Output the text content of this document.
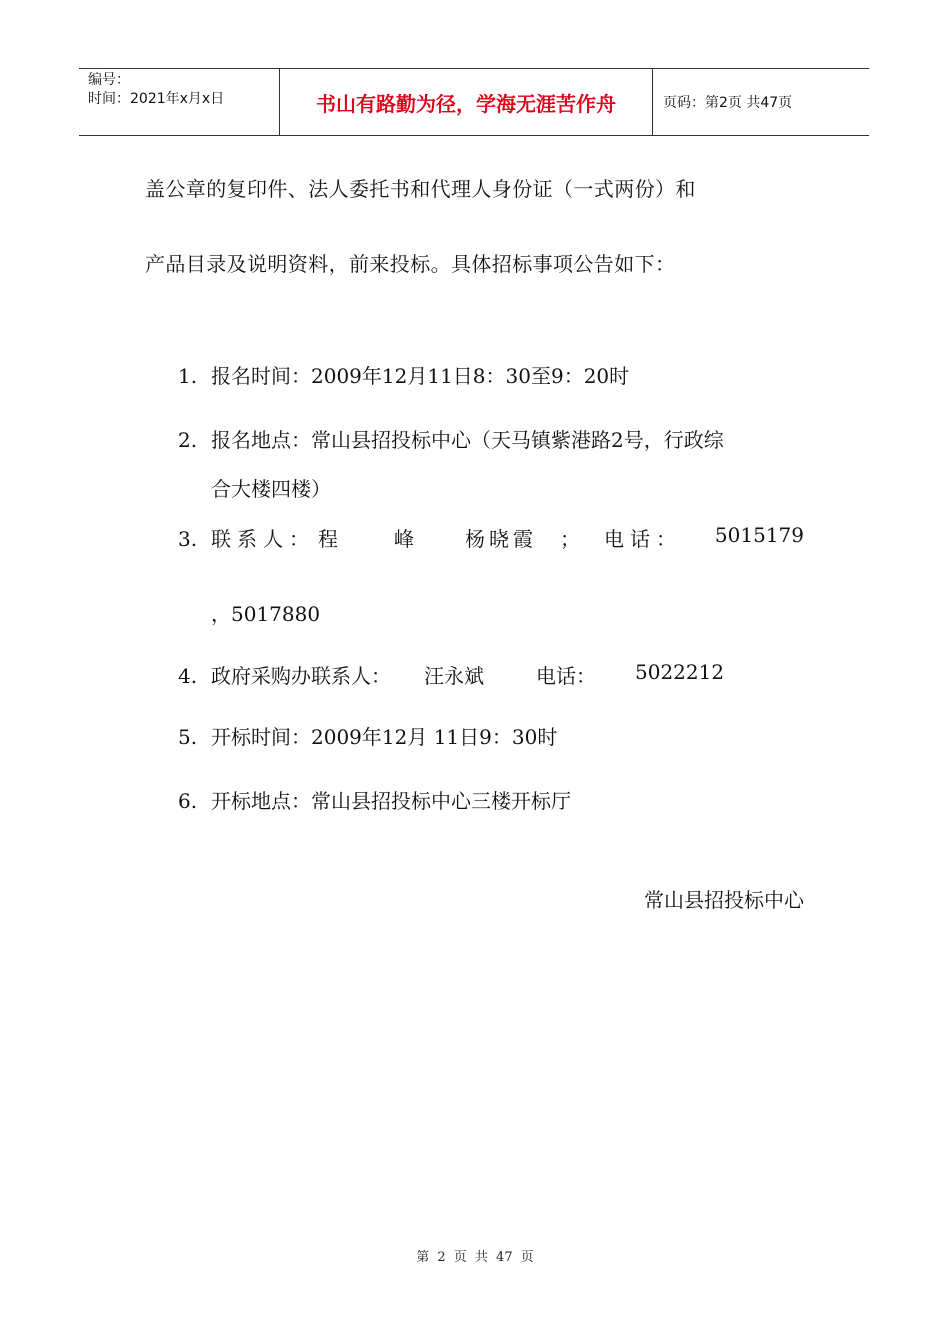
编号：
时间：2021年x月x日	书山有路勤为径，学海无涯苦作舟	页码：第2页 共47页
盖公章的复印件、法人委托书和代理人身份证（一式两份）和
产品目录及说明资料，前来投标。具体招标事项公告如下：
1. 报名时间：2009年12月11日8：30至9：20时
2. 报名地点：常山县招投标中心（天马镇紫港路2号，行政综
合大楼四楼）
3. 联系人： 程　峰 杨晓霞 ； 电话： 5015179
，5017880
4. 政府采购办联系人： 汪永斌	电话： 5022212
5. 开标时间：2009年12月 11日9：30时
6. 开标地点：常山县招投标中心三楼开标厅
常山县招投标中心
第 2 页 共 47 页
